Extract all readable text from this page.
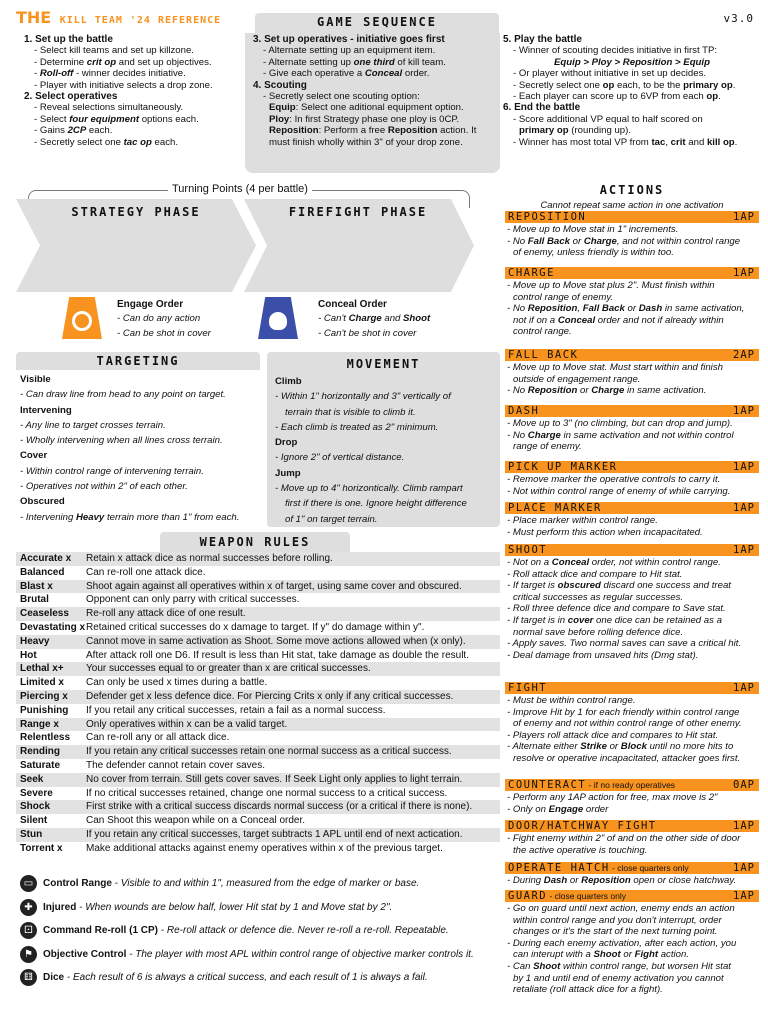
THE KILL TEAM '24 REFERENCE	v3.0
GAME SEQUENCE
1. Set up the battle
- Select kill teams and set up killzone.
- Determine crit op and set up objectives.
- Roll-off - winner decides initiative.
- Player with initiative selects a drop zone.
2. Select operatives
- Reveal selections simultaneously.
- Select four equipment options each.
- Gains 2CP each.
- Secretly select one tac op each.
3. Set up operatives - initiative goes first
- Alternate setting up an equipment item.
- Alternate setting up one third of kill team.
- Give each operative a Conceal order.
4. Scouting
- Secretly select one scouting option:
Equip: Select one aditional equipment option.
Ploy: In first Strategy phase one ploy is 0CP.
Reposition: Perform a free Reposition action. It
must finish wholly within 3" of your drop zone.
5. Play the battle
- Winner of scouting decides initiative in first TP:
Equip > Ploy > Reposition > Equip
- Or player without initiative in set up decides.
- Secretly select one op each, to be the primary op.
- Each player can score up to 6VP from each op.
6. End the battle
- Score additional VP equal to half scored on
primary op (rounding up).
- Winner has most total VP from tac, crit and kill op.
Turning Points (4 per battle)
STRATEGY PHASE	FIREFIGHT PHASE
Engage Order
- Can do any action
- Can be shot in cover
Conceal Order
- Can't Charge and Shoot
- Can't be shot in cover
TARGETING
Visible
- Can draw line from head to any point on target.
Intervening
- Any line to target crosses terrain.
- Wholly intervening when all lines cross terrain.
Cover
- Within control range of intervening terrain.
- Operatives not within 2" of each other.
Obscured
- Intervening Heavy terrain more than 1" from each.
MOVEMENT
Climb
- Within 1" horizontally and 3" vertically of
terrain that is visible to climb it.
- Each climb is treated as 2" minimum.
Drop
- Ignore 2" of vertical distance.
Jump
- Move up to 4" horizontically. Climb rampart
first if there is one. Ignore height difference
of 1" on target terrain.
WEAPON RULES
Accurate x Retain x attack dice as normal successes before rolling.
Balanced Can re-roll one attack dice.
Blast x	Shoot again against all operatives within x of target, using same cover and obscured.
Brutal	Opponent can only parry with critical successes.
Ceaseless Re-roll any attack dice of one result.
Devastating x Retained critical successes do x damage to target. If y" do damage within y".
Heavy	Cannot move in same activation as Shoot. Some move actions allowed when (x only).
Hot	After attack roll one D6. If result is less than Hit stat, take damage as double the result.
Lethal x+ Your successes equal to or greater than x are critical successes.
Limited x Can only be used x times during a battle.
Piercing x Defender get x less defence dice. For Piercing Crits x only if any critical successes.
Punishing If you retail any critical successes, retain a fail as a normal success.
Range x	Only operatives within x can be a valid target.
Relentless Can re-roll any or all attack dice.
Rending	If you retain any critical successes retain one normal success as a critical success.
Saturate	The defender cannot retain cover saves.
Seek	No cover from terrain. Still gets cover saves. If Seek Light only applies to light terrain.
Severe	If no critical successes retained, change one normal success to a critical success.
Shock	First strike with a critical success discards normal success (or a critical if there is none).
Silent	Can Shoot this weapon while on a Conceal order.
Stun	If you retain any critical successes, target subtracts 1 APL until end of next actication.
Torrent x Make additional attacks against enemy operatives within x of the previous target.
▭ Control Range - Visible to and within 1", measured from the edge of marker or base.
✚ Injured - When wounds are below half, lower Hit stat by 1 and Move stat by 2".
⚀ Command Re-roll (1 CP) - Re-roll attack or defence die. Never re-roll a re-roll. Repeatable.
⚑ Objective Control - The player with most APL within control range of objective marker controls it.
⚅ Dice - Each result of 6 is always a critical success, and each result of 1 is always a fail.
ACTIONS
Cannot repeat same action in one activation
REPOSITION	1AP
- Move up to Move stat in 1" increments.
- No Fall Back or Charge, and not within control range
of enemy, unless friendly is within too.
CHARGE	1AP
- Move up to Move stat plus 2". Must finish within
control range of enemy.
- No Reposition, Fall Back or Dash in same activation,
not if on a Conceal order and not if already within
control range.
FALL BACK	2AP
- Move up to Move stat. Must start within and finish
outside of engagement range.
- No Reposition or Charge in same activation.
DASH	1AP
- Move up to 3" (no climbing, but can drop and jump).
- No Charge in same activation and not within control
range of enemy.
PICK UP MARKER	1AP
- Remove marker the operative controls to carry it.
- Not within control range of enemy of while carrying.
PLACE MARKER	1AP
- Place marker within control range.
- Must perform this action when incapacitated.
SHOOT	1AP
- Not on a Conceal order, not within control range.
- Roll attack dice and compare to Hit stat.
- If target is obscured discard one success and treat
critical successes as regular successes.
- Roll three defence dice and compare to Save stat.
- If target is in cover one dice can be retained as a
normal save before rolling defence dice.
- Apply saves. Two normal saves can save a critical hit.
- Deal damage from unsaved hits (Dmg stat).
FIGHT	1AP
- Must be within control range.
- Improve Hit by 1 for each friendly within control range
of enemy and not within control range of other enemy.
- Players roll attack dice and compares to Hit stat.
- Alternate either Strike or Block until no more hits to
resolve or operative incapacitated, attacker goes first.
COUNTERACT - if no ready operatives	0AP
- Perform any 1AP action for free, max move is 2"
- Only on Engage order
DOOR/HATCHWAY FIGHT	1AP
- Fight enemy within 2" of and on the other side of door
the active operative is touching.
OPERATE HATCH - close quarters only	1AP
- During Dash or Reposition open or close hatchway.
GUARD - close quarters only	1AP
- Go on guard until next action, enemy ends an action
within control range and you don't interrupt, order
changes or it's the start of the next turning point.
- During each enemy activation, after each action, you
can interupt with a Shoot or Fight action.
- Can Shoot within control range, but worsen Hit stat
by 1 and until end of enemy activation you cannot
retaliate (roll attack dice for a fight).
